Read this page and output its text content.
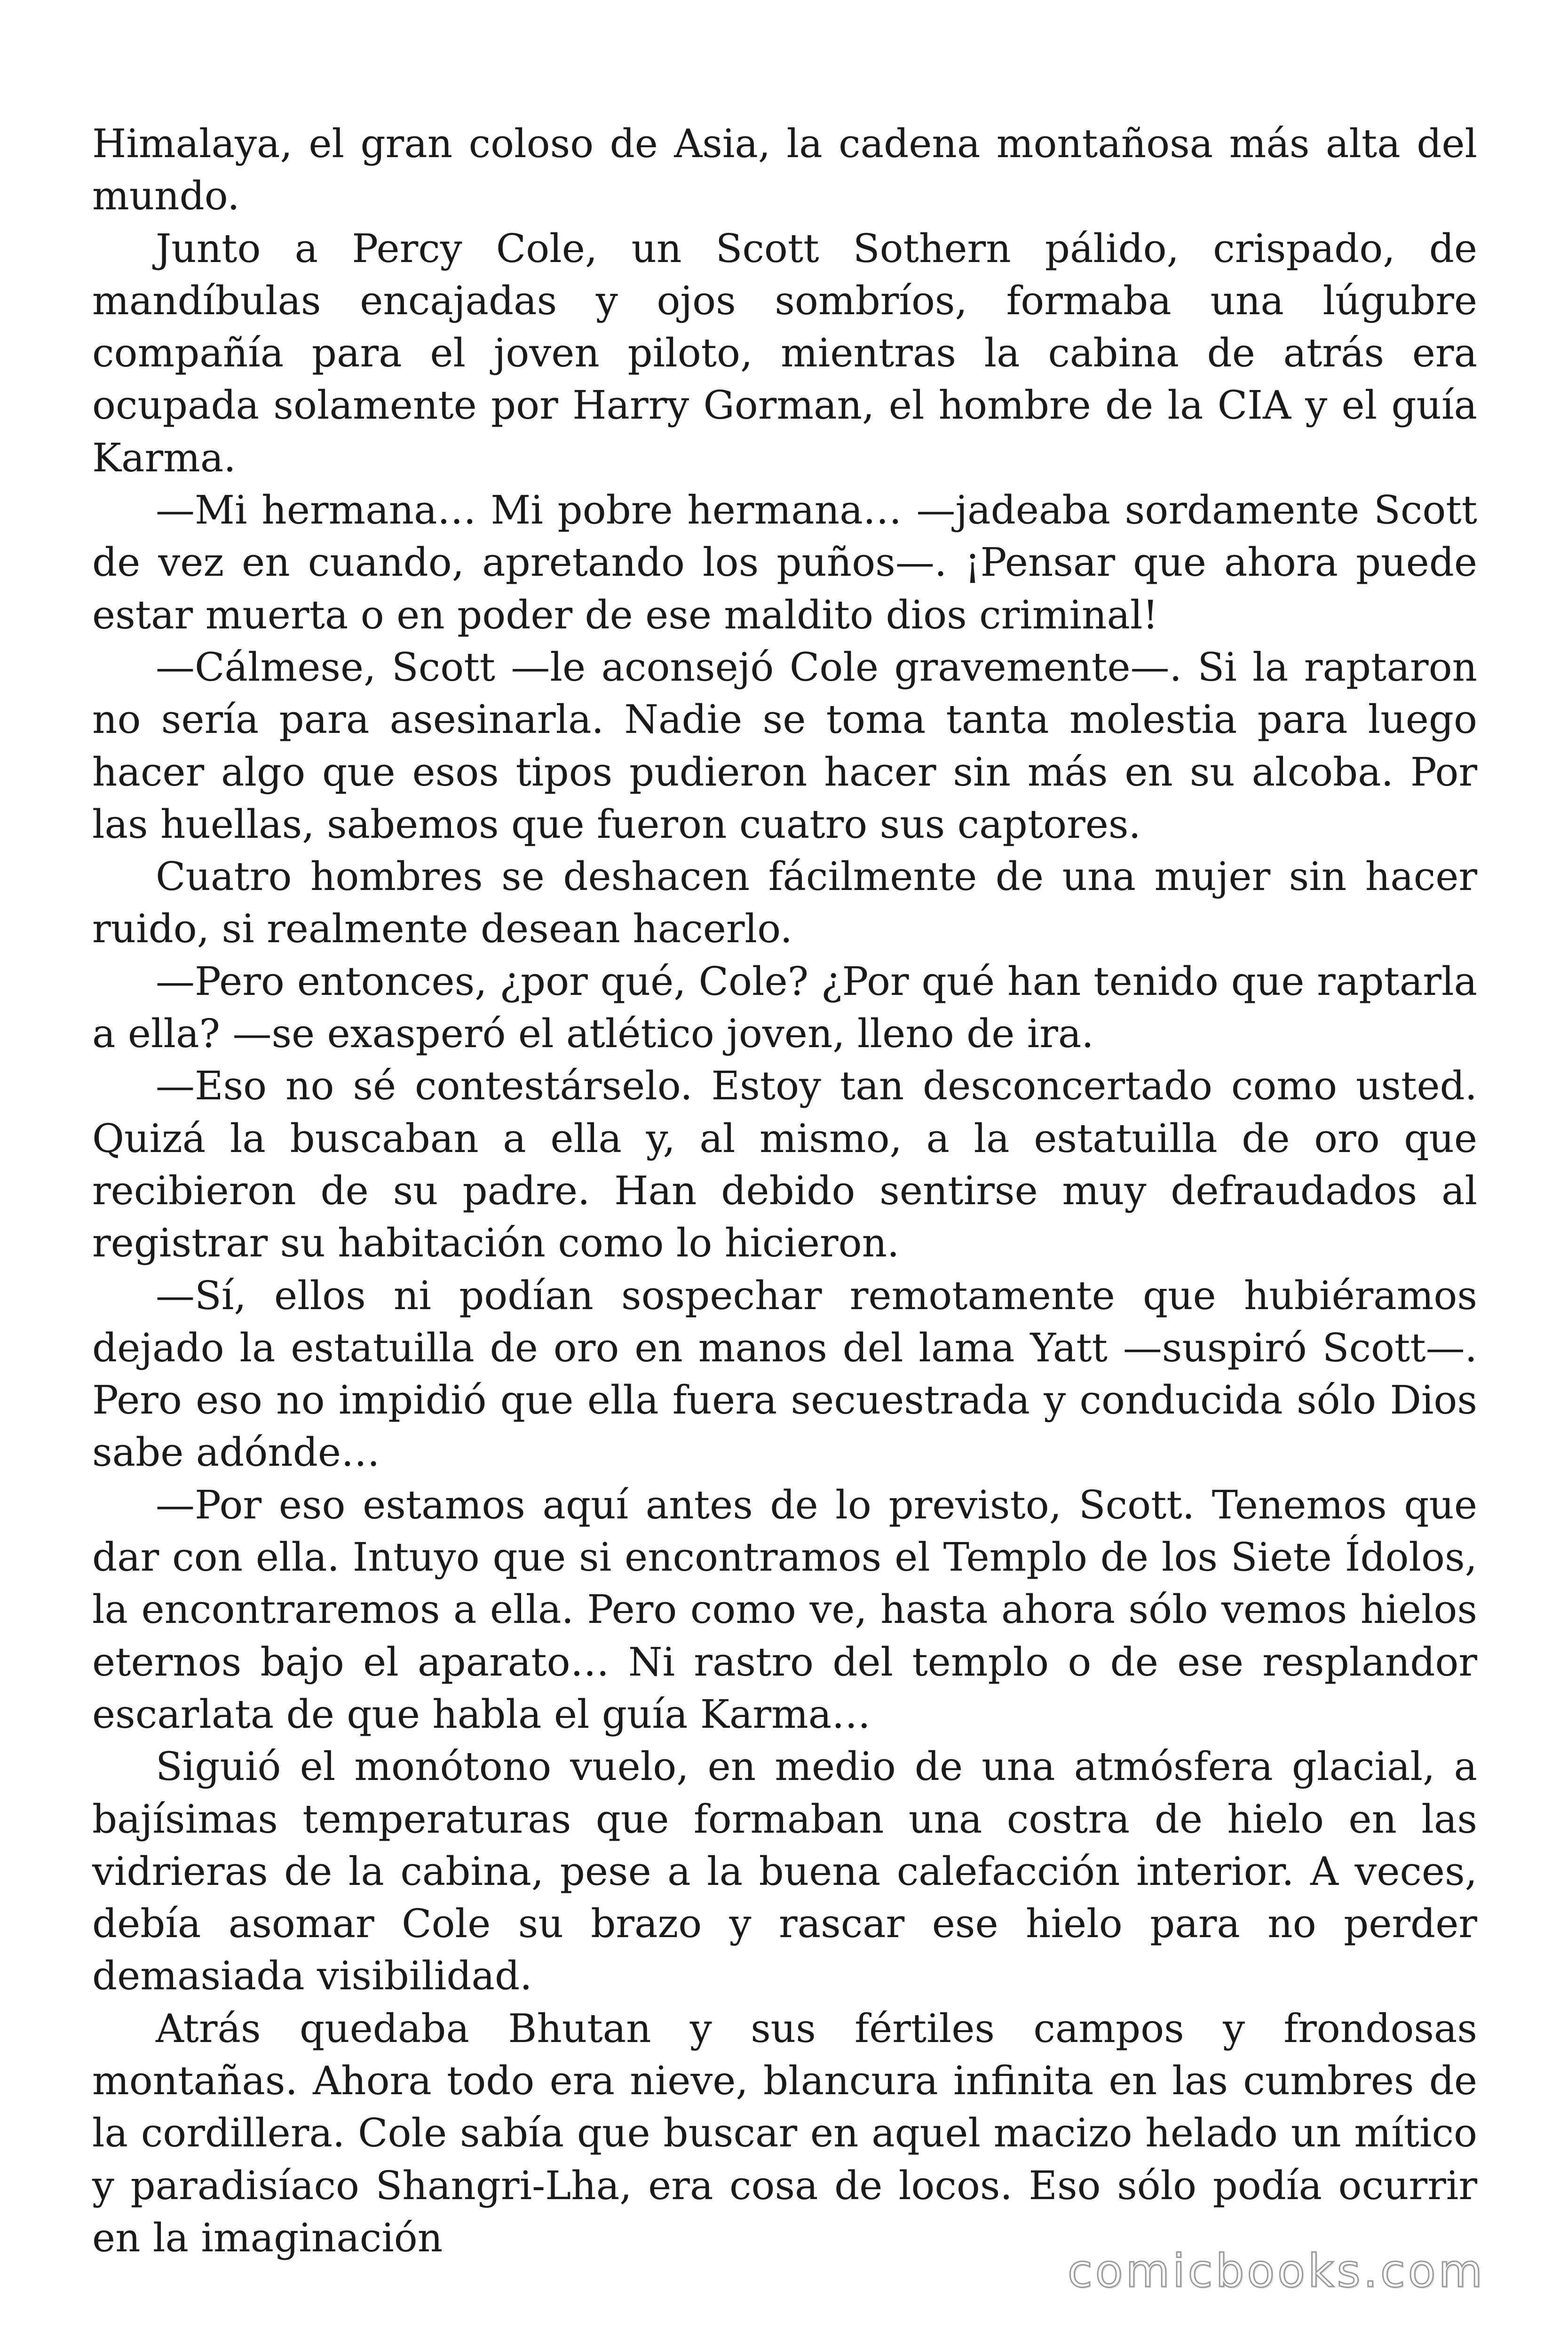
Himalaya, el gran coloso de Asia, la cadena montañosa más alta del mundo.

Junto a Percy Cole, un Scott Sothern pálido, crispado, de mandíbulas encajadas y ojos sombríos, formaba una lúgubre compañía para el joven piloto, mientras la cabina de atrás era ocupada solamente por Harry Gorman, el hombre de la CIA y el guía Karma.

—Mi hermana… Mi pobre hermana… —jadeaba sordamente Scott de vez en cuando, apretando los puños—. ¡Pensar que ahora puede estar muerta o en poder de ese maldito dios criminal!

—Cálmese, Scott —le aconsejó Cole gravemente—. Si la raptaron no sería para asesinarla. Nadie se toma tanta molestia para luego hacer algo que esos tipos pudieron hacer sin más en su alcoba. Por las huellas, sabemos que fueron cuatro sus captores.

Cuatro hombres se deshacen fácilmente de una mujer sin hacer ruido, si realmente desean hacerlo.

—Pero entonces, ¿por qué, Cole? ¿Por qué han tenido que raptarla a ella? —se exasperó el atlético joven, lleno de ira.

—Eso no sé contestárselo. Estoy tan desconcertado como usted. Quizá la buscaban a ella y, al mismo, a la estatuilla de oro que recibieron de su padre. Han debido sentirse muy defraudados al registrar su habitación como lo hicieron.

—Sí, ellos ni podían sospechar remotamente que hubiéramos dejado la estatuilla de oro en manos del lama Yatt —suspiró Scott—. Pero eso no impidió que ella fuera secuestrada y conducida sólo Dios sabe adónde…

—Por eso estamos aquí antes de lo previsto, Scott. Tenemos que dar con ella. Intuyo que si encontramos el Templo de los Siete Ídolos, la encontraremos a ella. Pero como ve, hasta ahora sólo vemos hielos eternos bajo el aparato… Ni rastro del templo o de ese resplandor escarlata de que habla el guía Karma…

Siguió el monótono vuelo, en medio de una atmósfera glacial, a bajísimas temperaturas que formaban una costra de hielo en las vidrieras de la cabina, pese a la buena calefacción interior. A veces, debía asomar Cole su brazo y rascar ese hielo para no perder demasiada visibilidad.

Atrás quedaba Bhutan y sus fértiles campos y frondosas montañas. Ahora todo era nieve, blancura infinita en las cumbres de la cordillera. Cole sabía que buscar en aquel macizo helado un mítico y paradisíaco Shangri-Lha, era cosa de locos. Eso sólo podía ocurrir en la imaginación

comicbooks.com
